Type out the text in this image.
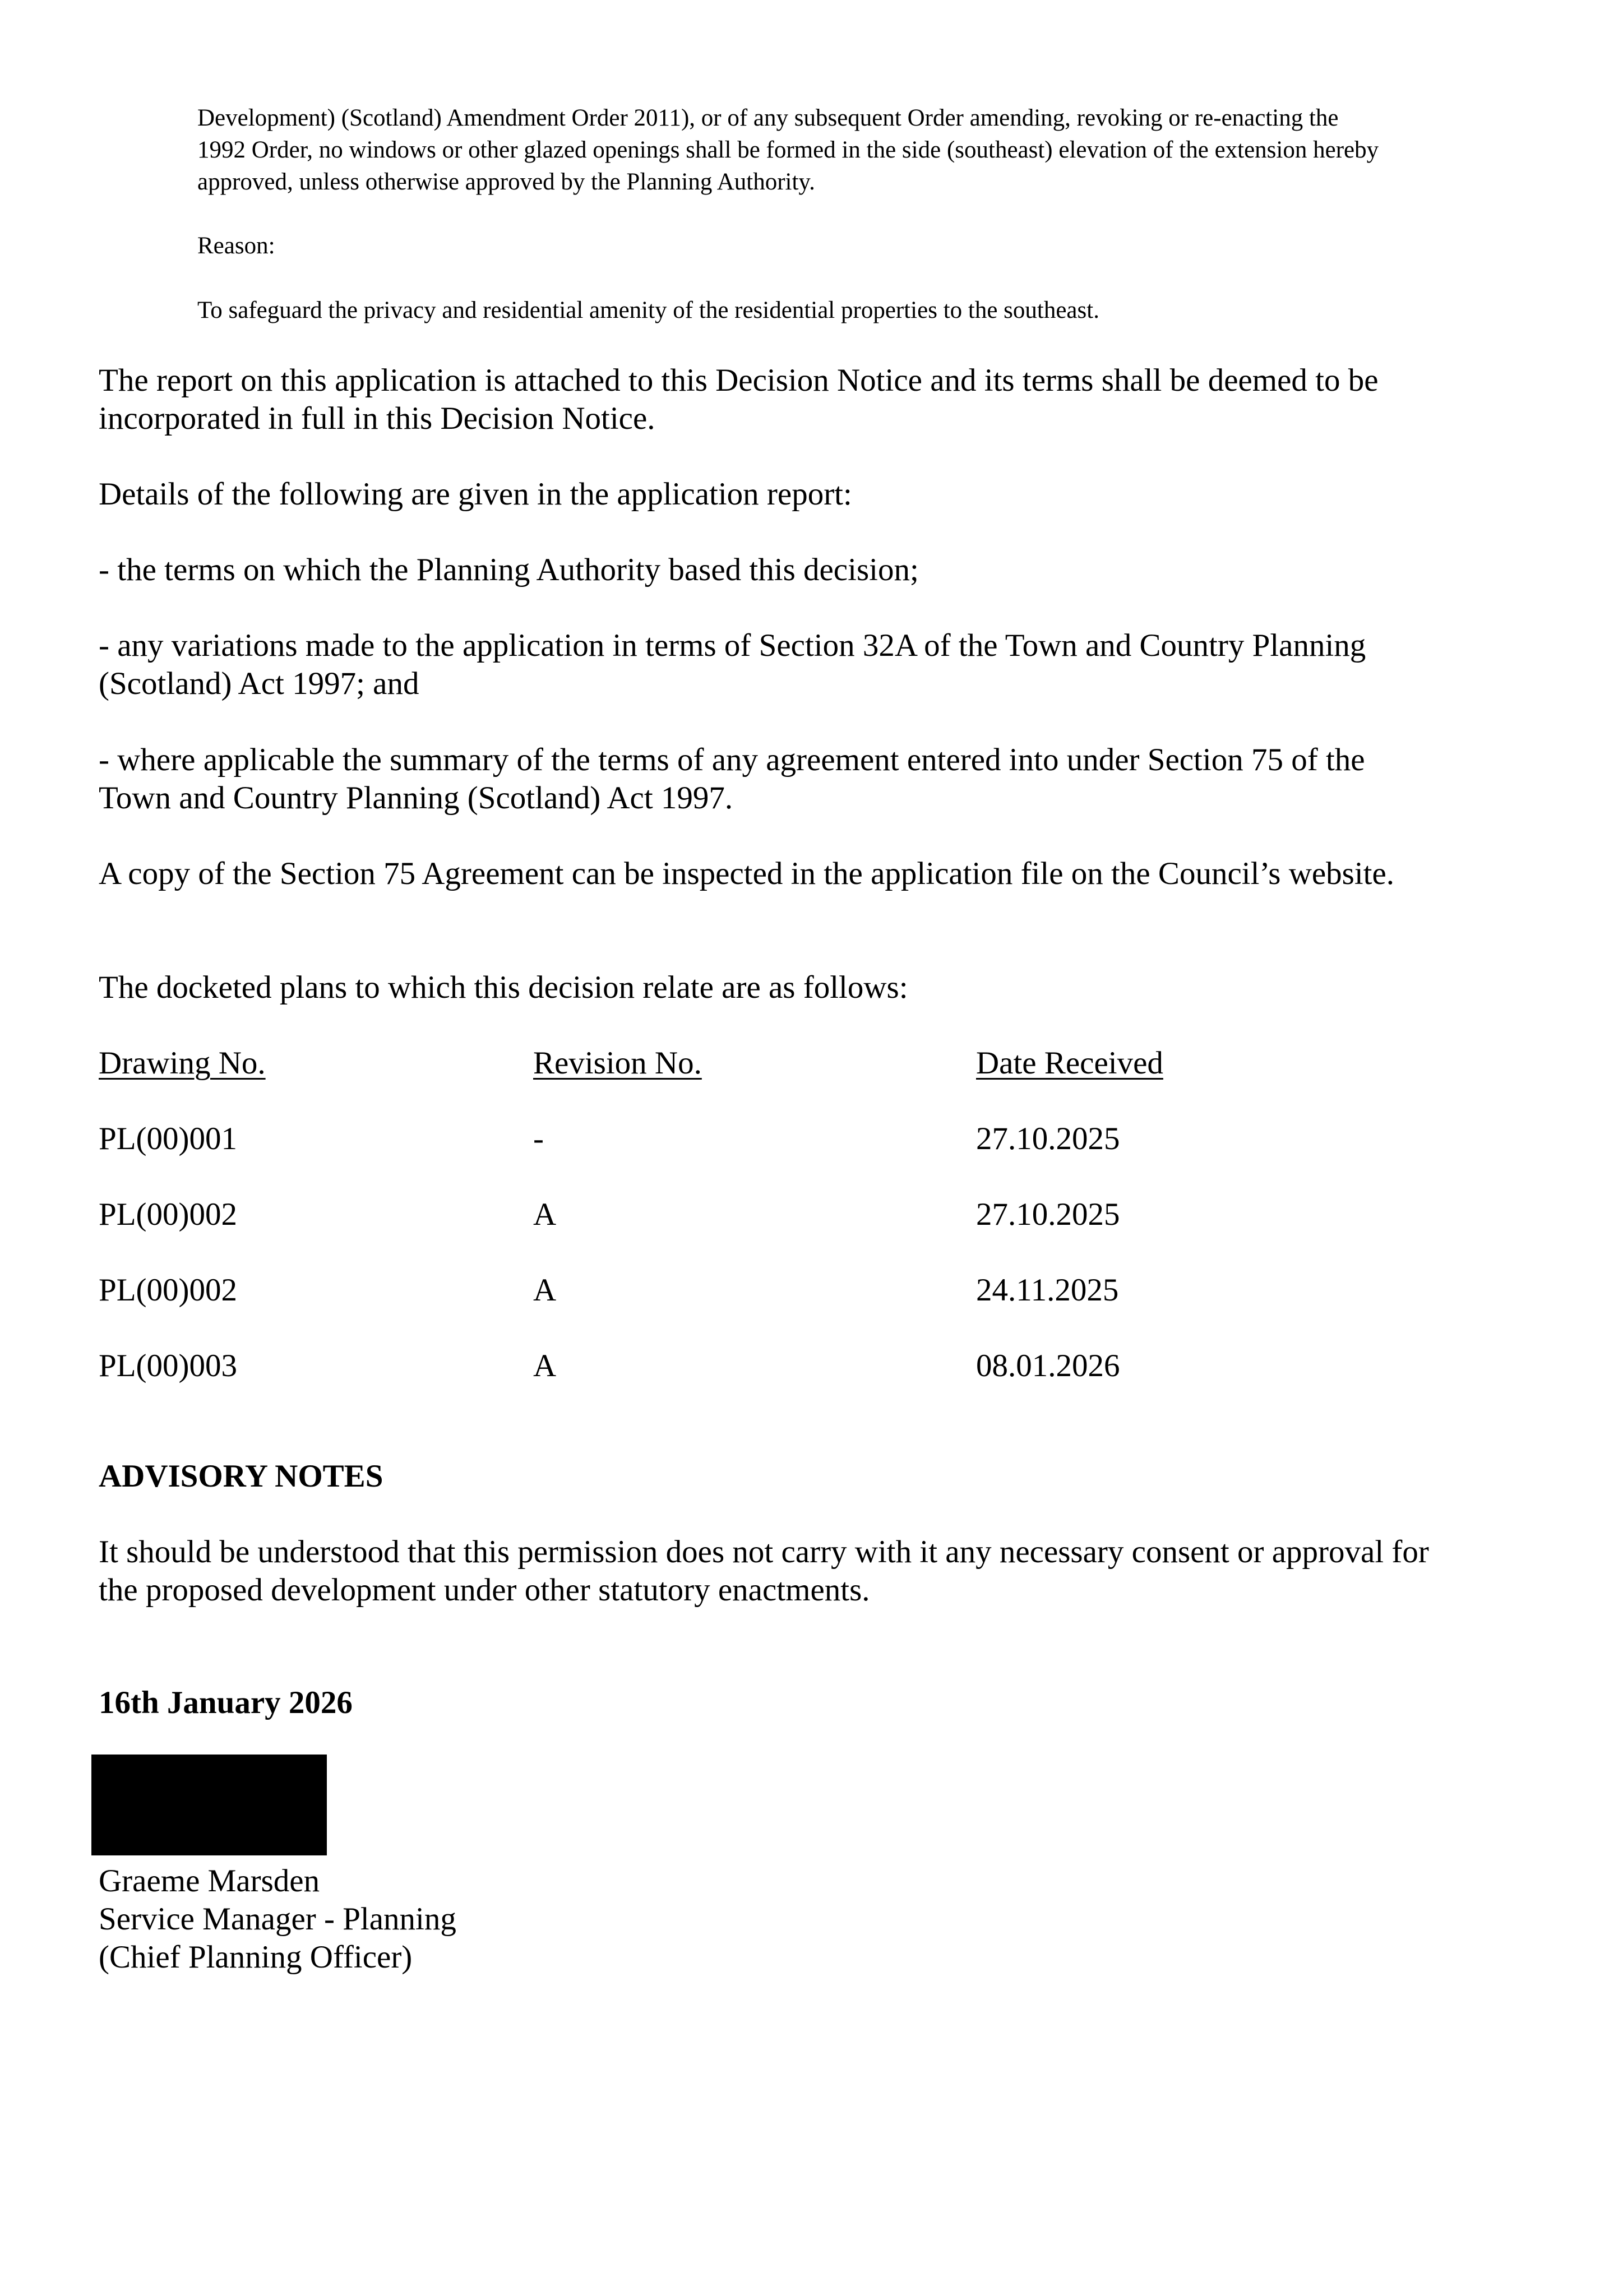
Development) (Scotland) Amendment Order 2011), or of any subsequent Order amending, revoking or re-enacting the 1992 Order, no windows or other glazed openings shall be formed in the side (southeast) elevation of the extension hereby approved, unless otherwise approved by the Planning Authority.

Reason:

To safeguard the privacy and residential amenity of the residential properties to the southeast.

The report on this application is attached to this Decision Notice and its terms shall be deemed to be incorporated in full in this Decision Notice.

Details of the following are given in the application report:

- the terms on which the Planning Authority based this decision;

- any variations made to the application in terms of Section 32A of the Town and Country Planning (Scotland) Act 1997; and

- where applicable the summary of the terms of any agreement entered into under Section 75 of the Town and Country Planning (Scotland) Act 1997.

A copy of the Section 75 Agreement can be inspected in the application file on the Council’s website.

The docketed plans to which this decision relate are as follows:

Drawing No.	Revision No.	Date Received
PL(00)001	-	27.10.2025
PL(00)002	A	27.10.2025
PL(00)002	A	24.11.2025
PL(00)003	A	08.01.2026
ADVISORY NOTES

It should be understood that this permission does not carry with it any necessary consent or approval for the proposed development under other statutory enactments.

16th January 2026
Graeme Marsden
Service Manager - Planning
(Chief Planning Officer)
